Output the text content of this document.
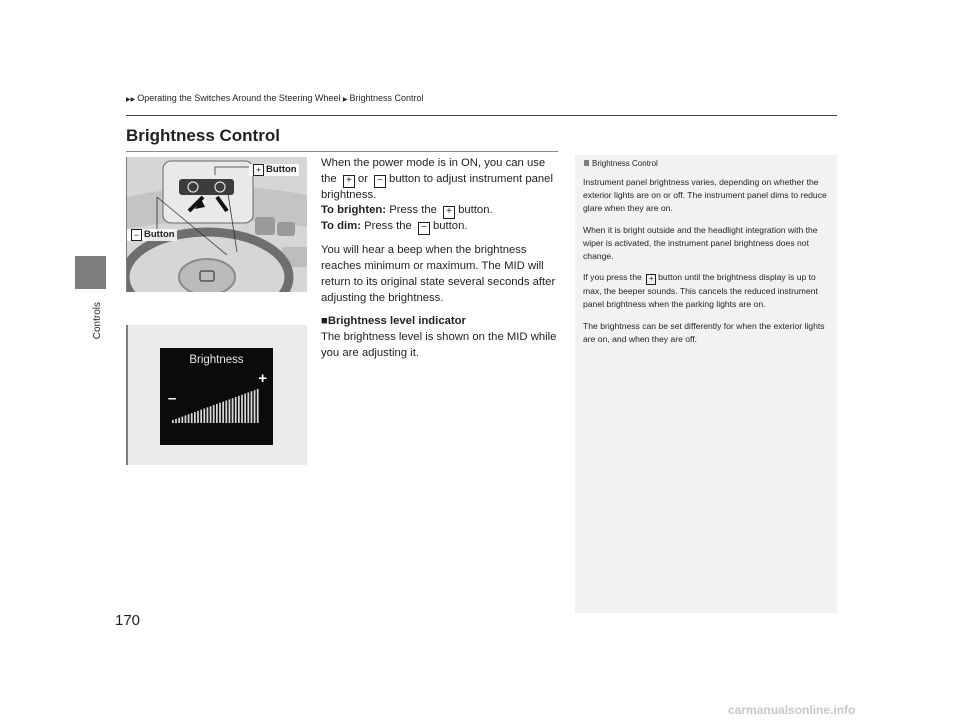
Controls
170
▶▶ Operating the Switches Around the Steering Wheel ▶ Brightness Control
Brightness Control
+ Button
− Button

When the power mode is in ON, you can use the + or − button to adjust instrument panel brightness.

To brighten: Press the + button.

To dim: Press the − button.

You will hear a beep when the brightness reaches minimum or maximum. The MID will return to its original state several seconds after adjusting the brightness.

■Brightness level indicator

The brightness level is shown on the MID while you are adjusting it.

Brightness
+
–
Brightness Control

Instrument panel brightness varies, depending on whether the exterior lights are on or off. The instrument panel dims to reduce glare when they are on.

When it is bright outside and the headlight integration with the wiper is activated, the instrument panel brightness does not change.

If you press the + button until the brightness display is up to max, the beeper sounds. This cancels the reduced instrument panel brightness when the parking lights are on.

The brightness can be set differently for when the exterior lights are on, and when they are off.

carmanualsonline.info
